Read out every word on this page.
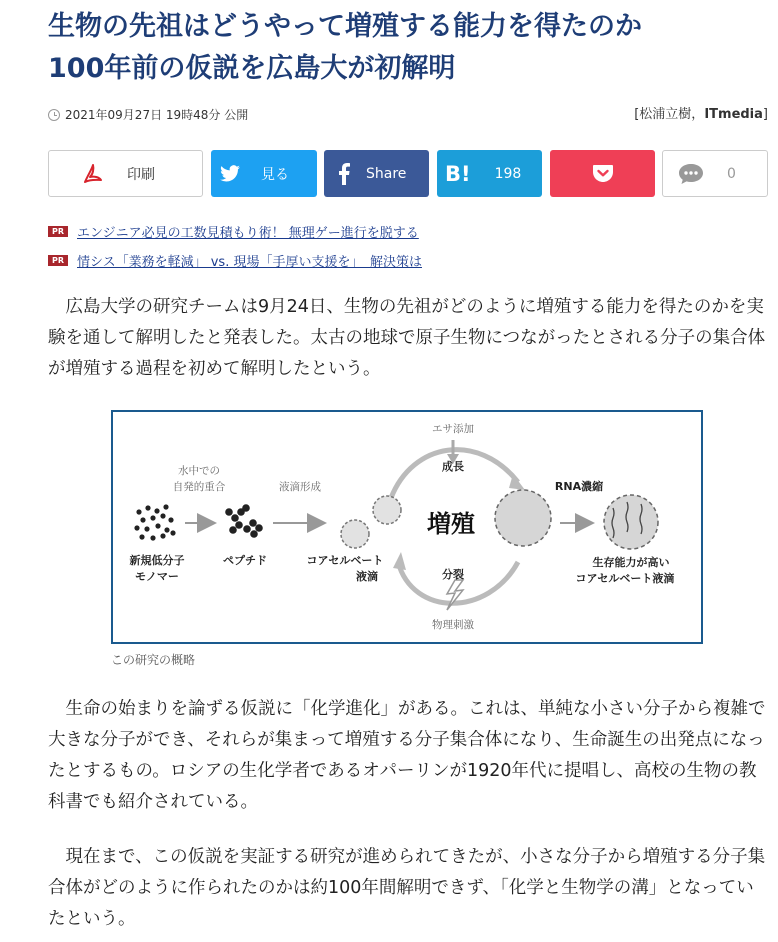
生物の先祖はどうやって増殖する能力を得たのか
100年前の仮説を広島大が初解明
2021年09月27日 19時48分 公開	[松浦立樹，ITmedia]
印刷	見る	Share B! 198	0
PR エンジニア必見の工数見積もり術！ 無理ゲー進行を脱する
PR 情シス「業務を軽減」 vs. 現場「手厚い支援を」　解決策は

広島大学の研究チームは9月24日、生物の先祖がどのように増殖する能力を得たのかを実験を通して解明したと発表した。太古の地球で原子生物につながったとされる分子の集合体が増殖する過程を初めて解明したという。

エサ添加
成長
水中での
自発的重合	液滴形成	RNA濃縮
増殖
新規低分子
モノマー
ペプチド	コアセルベート
液滴	分裂
物理刺激
生存能力が高い
コアセルベート液滴
この研究の概略

生命の始まりを論ずる仮説に「化学進化」がある。これは、単純な小さい分子から複雑で大きな分子ができ、それらが集まって増殖する分子集合体になり、生命誕生の出発点になったとするもの。ロシアの生化学者であるオパーリンが1920年代に提唱し、高校の生物の教科書でも紹介されている。

現在まで、この仮説を実証する研究が進められてきたが、小さな分子から増殖する分子集合体がどのように作られたのかは約100年間解明できず、「化学と生物学の溝」となっていたという。
